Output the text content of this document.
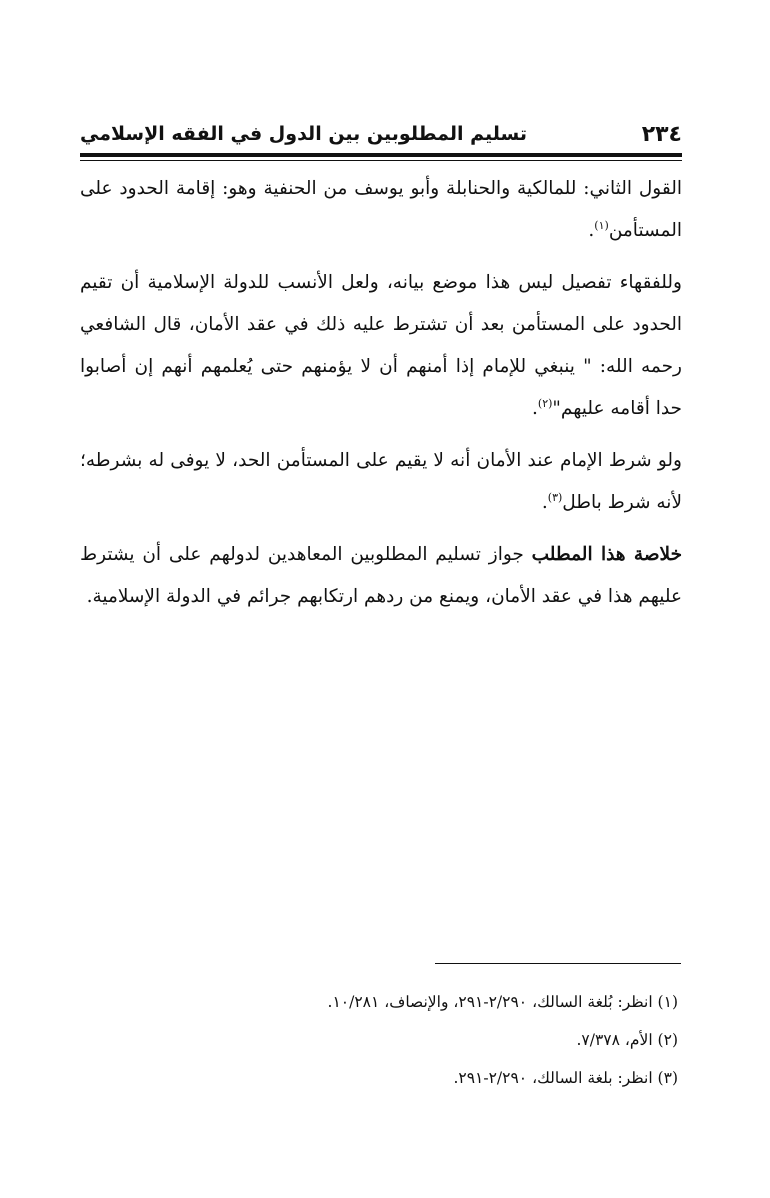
٢٣٤
تسليم المطلوبين بين الدول في الفقه الإسلامي

القول الثاني: للمالكية والحنابلة وأبو يوسف من الحنفية وهو: إقامة الحدود على المستأمن$^{(١)}$.

وللفقهاء تفصيل ليس هذا موضع بيانه، ولعل الأنسب للدولة الإسلامية أن تقيم الحدود على المستأمن بعد أن تشترط عليه ذلك في عقد الأمان، قال الشافعي رحمه الله: " ينبغي للإمام إذا أمنهم أن لا يؤمنهم حتى يُعلمهم أنهم إن أصابوا حدا أقامه عليهم"$^{(٢)}$.

ولو شرط الإمام عند الأمان أنه لا يقيم على المستأمن الحد، لا يوفى له بشرطه؛ لأنه شرط باطل$^{(٣)}$.

خلاصة هذا المطلب جواز تسليم المطلوبين المعاهدين لدولهم على أن يشترط عليهم هذا في عقد الأمان، ويمنع من ردهم ارتكابهم جرائم في الدولة الإسلامية.

(١) انظر: بُلغة السالك، ٢/٢٩٠-٢٩١، والإنصاف، ١٠/٢٨١.

(٢) الأم، ٧/٣٧٨.

(٣) انظر: بلغة السالك، ٢/٢٩٠-٢٩١.
